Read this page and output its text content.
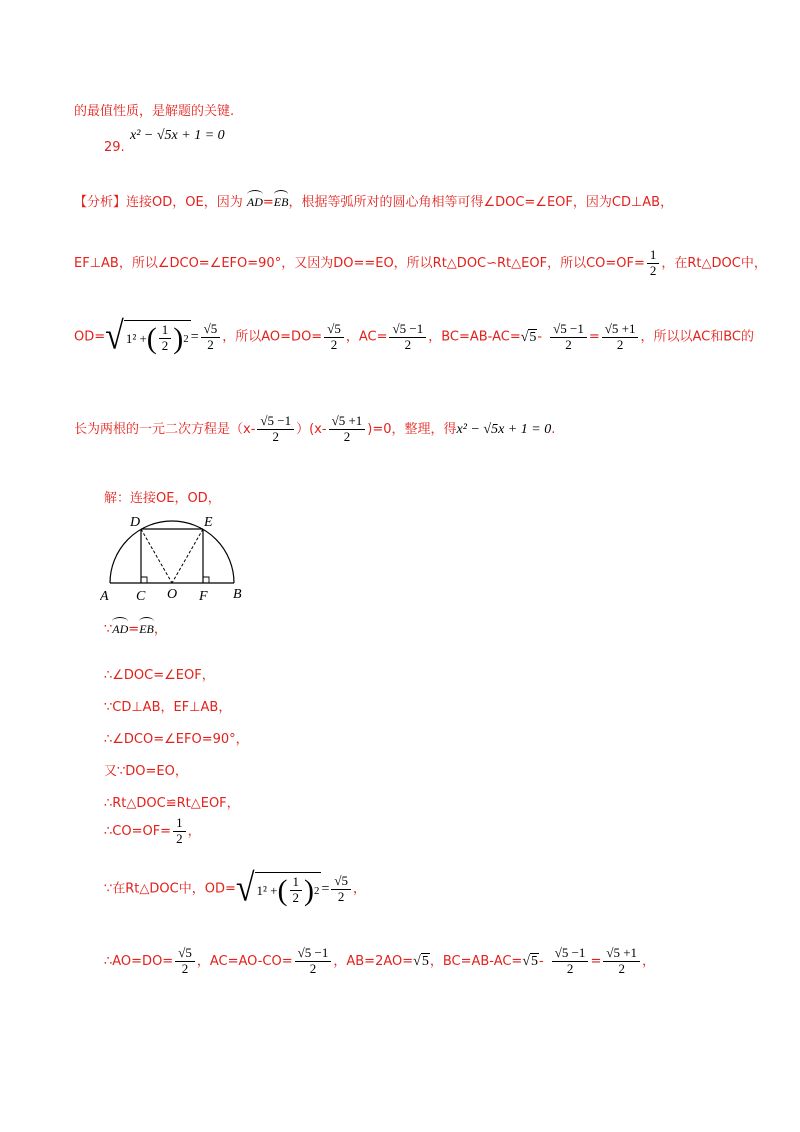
的最值性质，是解题的关键.
29.
x² − √5x + 1 = 0
【分析】连接OD，OE，因为 AD=EB，根据等弧所对的圆心角相等可得∠DOC=∠EOF，因为CD⊥AB，
EF⊥AB，所以∠DCO=∠EFO=90°，又因为DO==EO，所以Rt△DOC∽Rt△EOF，所以$CO=OF= \frac{1}{2}$ ，在Rt△DOC中，
OD= √ 1² + ( $\frac{1}{2}$ ) $2 = \frac{√5}{2}$ ，所以$AO=DO= \frac{√5}{2}$ ，$AC= \frac{√5 -1}{2}$ ，$BC=AB-AC=√5- \frac{√5 -1}{2} = \frac{√5 +1}{2}$ ，所以以AC和BC的
长为两根的一元二次方程是$(x- \frac{√5 -1}{2} )(x- \frac{√5 +1}{2} )=0$，整理，得x² − √5x + 1 = 0.
解：连接OE，OD，
A C O F B
D	E
∵AD=EB，
∴∠DOC=∠EOF，
∵CD⊥AB，EF⊥AB，
∴∠DCO=∠EFO=90°，
又∵DO=EO，
∴Rt△DOC≌Rt△EOF，
∴CO=OF= $\frac{1}{2}$ ，
∵在Rt△DOC中，OD= √ 1² + ( $\frac{1}{2}$ ) $2 = \frac{√5}{2}$ ，
∴AO=DO= $\frac{√5}{2}$ ，$AC=AO-CO= \frac{√5 -1}{2}$ ，AB=2AO=√5，$BC=AB-AC=√5- \frac{√5 -1}{2} = \frac{√5 +1}{2}$ ，
